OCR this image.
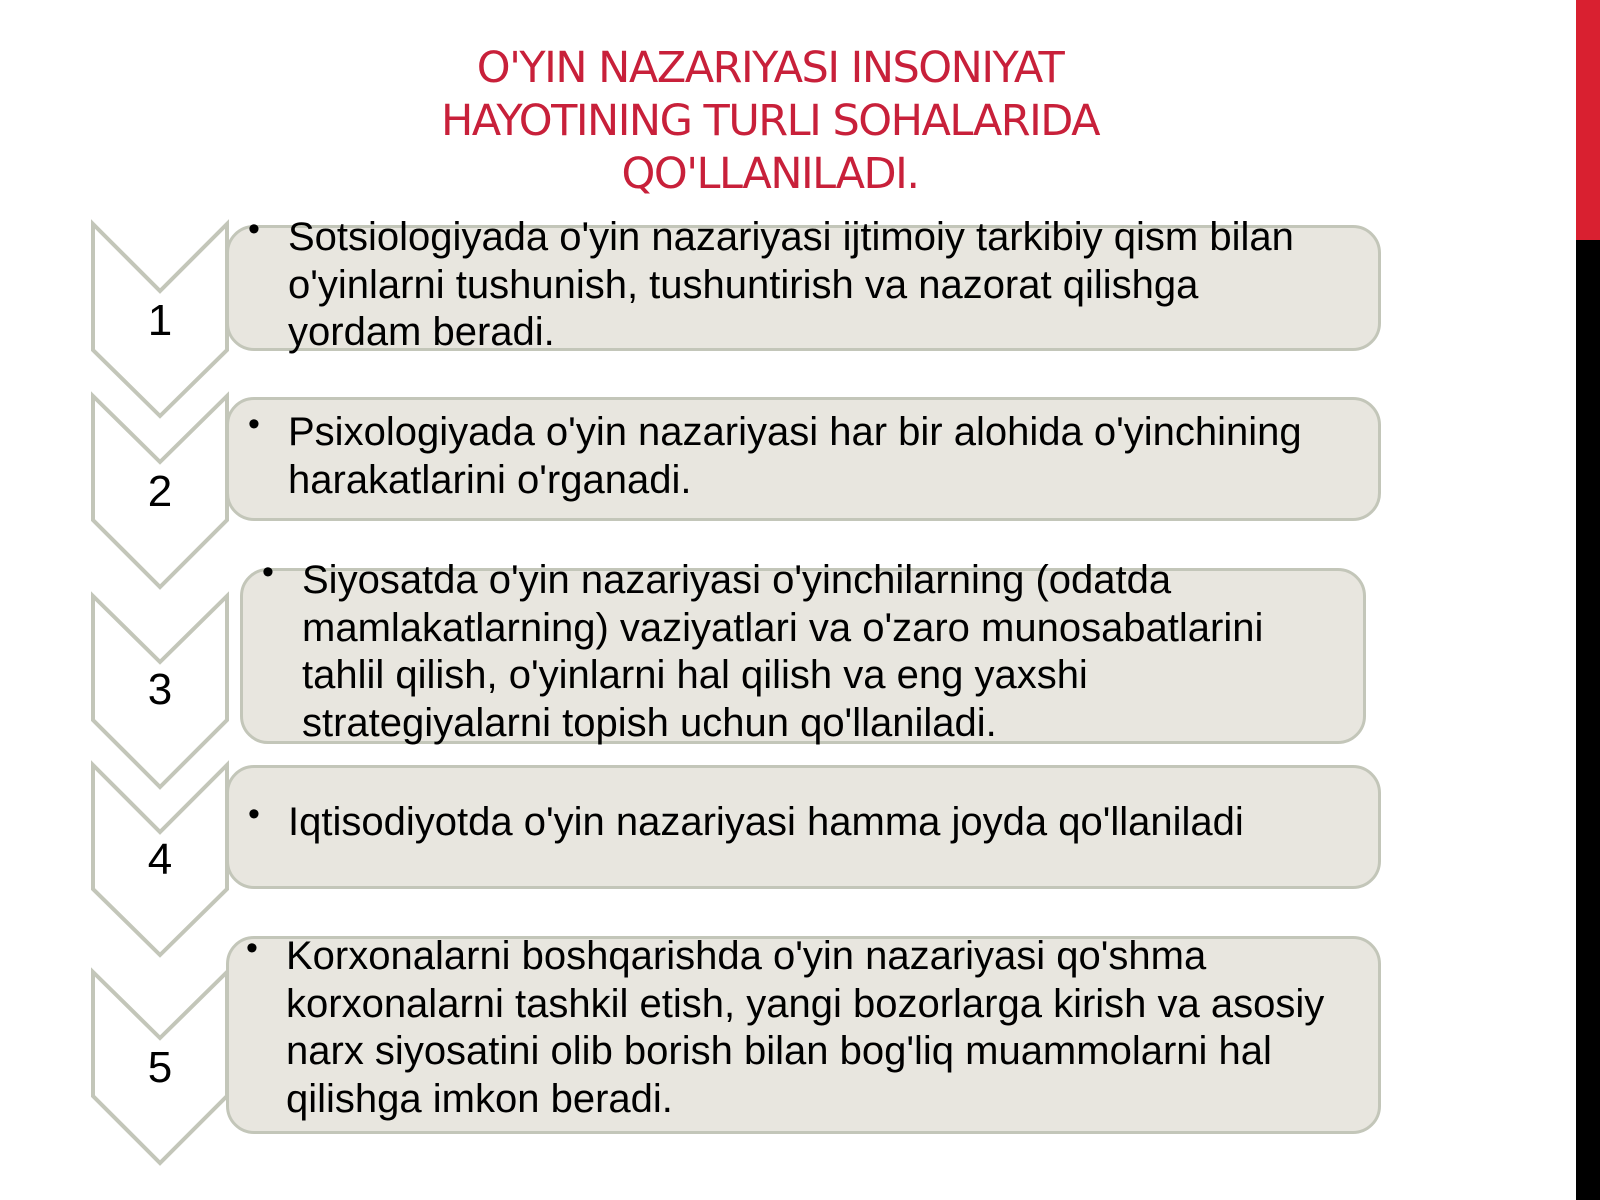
O'YIN NAZARIYASI INSONIYAT
HAYOTINING TURLI SOHALARIDA
QO'LLANILADI.
1
2
3
4
5
• Sotsiologiyada o'yin nazariyasi ijtimoiy tarkibiy qism bilan o'yinlarni tushunish, tushuntirish va nazorat qilishga yordam beradi.
• Psixologiyada o'yin nazariyasi har bir alohida o'yinchining harakatlarini o'rganadi.
• Siyosatda o'yin nazariyasi o'yinchilarning (odatda mamlakatlarning) vaziyatlari va o'zaro munosabatlarini tahlil qilish, o'yinlarni hal qilish va eng yaxshi strategiyalarni topish uchun qo'llaniladi.
• Iqtisodiyotda o'yin nazariyasi hamma joyda qo'llaniladi
• Korxonalarni boshqarishda o'yin nazariyasi qo'shma korxonalarni tashkil etish, yangi bozorlarga kirish va asosiy narx siyosatini olib borish bilan bog'liq muammolarni hal qilishga imkon beradi.
